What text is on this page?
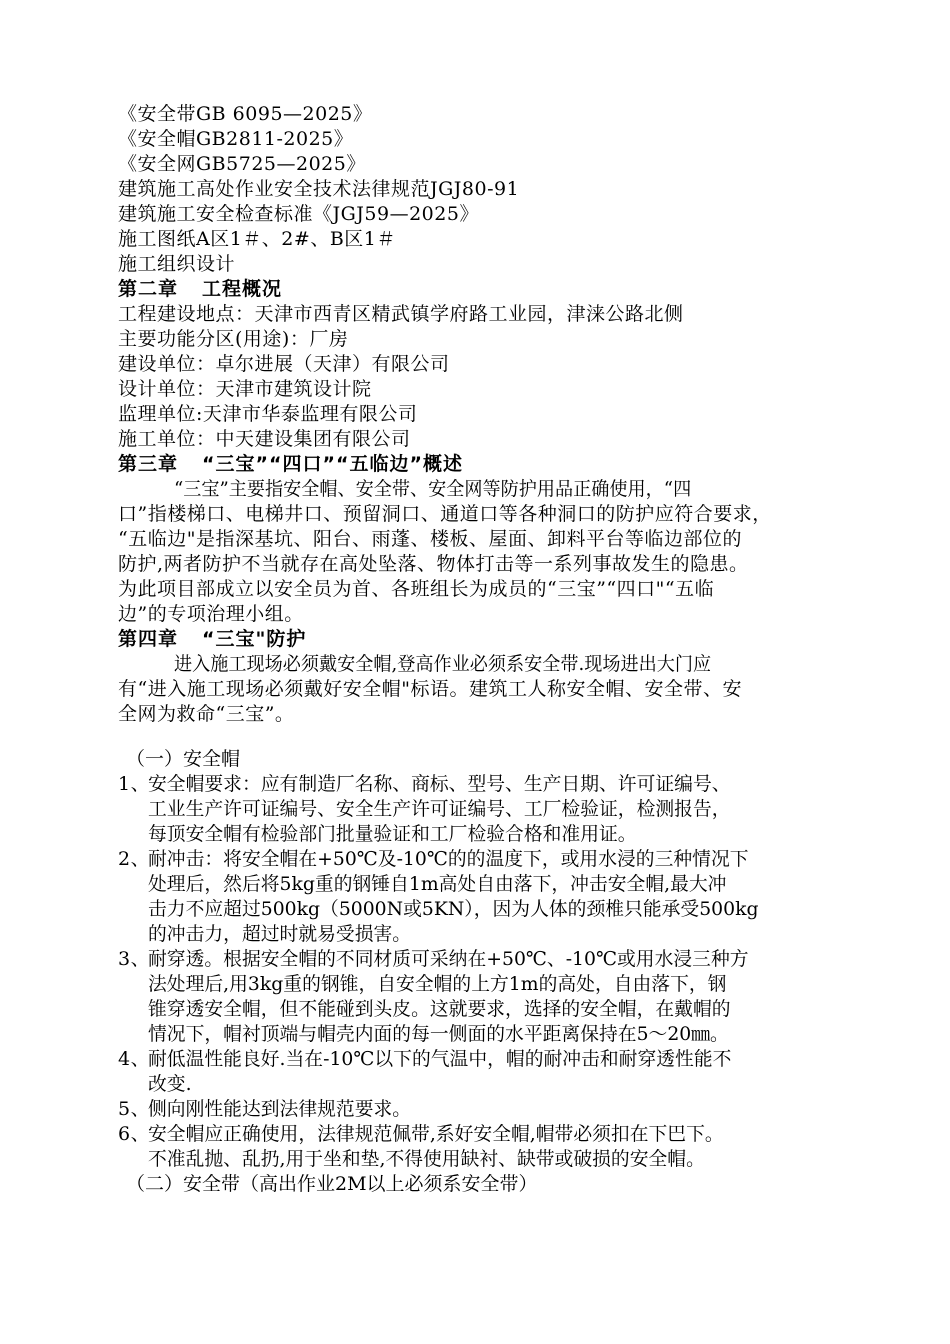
《安全带GB 6095—2025》
《安全帽GB2811-2025》
《安全网GB5725—2025》
建筑施工高处作业安全技术法律规范JGJ80-91
建筑施工安全检查标准《JGJ59—2025》
施工图纸A区1＃、2#、B区1＃
施工组织设计
第二章 工程概况
工程建设地点：天津市西青区精武镇学府路工业园，津涞公路北侧
主要功能分区(用途)：厂房
建设单位：卓尔进展（天津）有限公司
设计单位：天津市建筑设计院
监理单位:天津市华泰监理有限公司
施工单位：中天建设集团有限公司
第三章 “三宝”“四口”“五临边”概述
“三宝”主要指安全帽、安全带、安全网等防护用品正确使用，“四
口”指楼梯口、电梯井口、预留洞口、通道口等各种洞口的防护应符合要求，
“五临边"是指深基坑、阳台、雨蓬、楼板、屋面、卸料平台等临边部位的
防护,两者防护不当就存在高处坠落、物体打击等一系列事故发生的隐患。
为此项目部成立以安全员为首、各班组长为成员的“三宝”“四口"“五临
边”的专项治理小组。
第四章 “三宝"防护
进入施工现场必须戴安全帽,登高作业必须系安全带.现场进出大门应
有“进入施工现场必须戴好安全帽"标语。建筑工人称安全帽、安全带、安
全网为救命“三宝”。
（一）安全帽
1、
安全帽要求：应有制造厂名称、商标、型号、生产日期、许可证编号、
工业生产许可证编号、安全生产许可证编号、工厂检验证，检测报告，
每顶安全帽有检验部门批量验证和工厂检验合格和准用证。
2、
耐冲击：将安全帽在+50℃及-10℃的的温度下，或用水浸的三种情况下
处理后，然后将5kg重的钢锤自1m高处自由落下，冲击安全帽,最大冲
击力不应超过500kg（5000N或5KN），因为人体的颈椎只能承受500kg
的冲击力，超过时就易受损害。
3、
耐穿透。根据安全帽的不同材质可采纳在+50℃、-10℃或用水浸三种方
法处理后,用3kg重的钢锥，自安全帽的上方1m的高处，自由落下，钢
锥穿透安全帽，但不能碰到头皮。这就要求，选择的安全帽，在戴帽的
情况下，帽衬顶端与帽壳内面的每一侧面的水平距离保持在5～20㎜。
4、
耐低温性能良好.当在-10℃以下的气温中，帽的耐冲击和耐穿透性能不
改变.
5、
侧向刚性能达到法律规范要求。
6、
安全帽应正确使用，法律规范佩带,系好安全帽,帽带必须扣在下巴下。
不准乱抛、乱扔,用于坐和垫,不得使用缺衬、缺带或破损的安全帽。
（二）安全带（高出作业2M以上必须系安全带）
